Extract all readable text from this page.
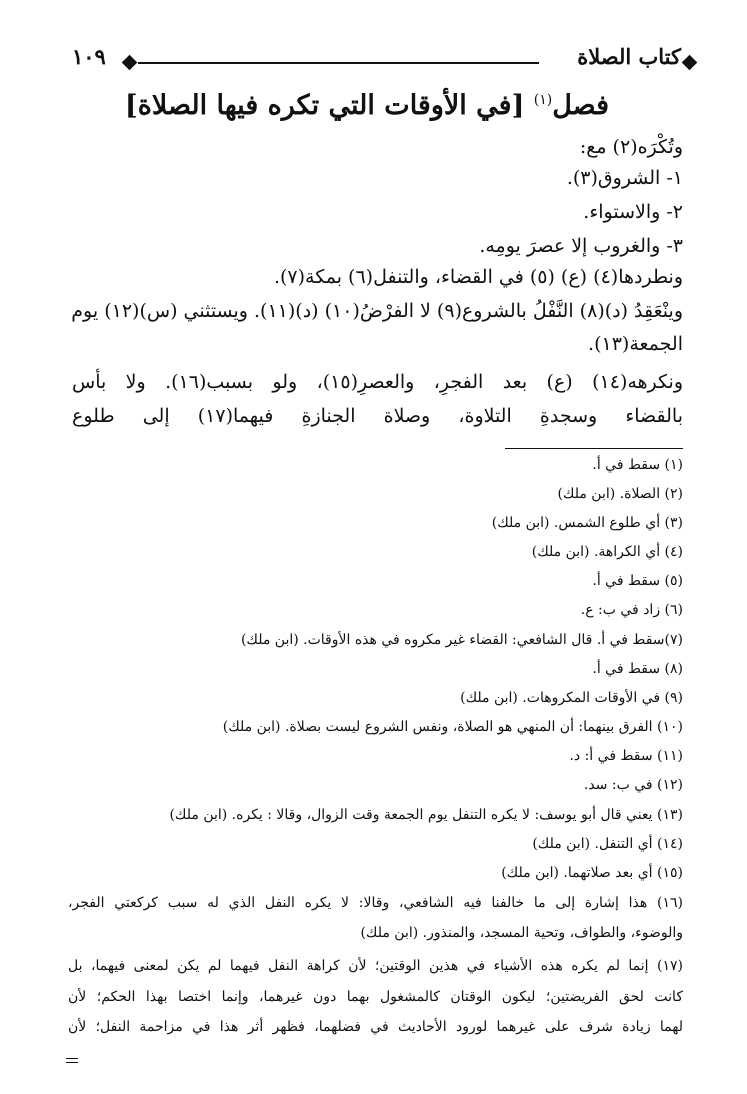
كتاب الصلاة
١٠٩
فصل$^{(١)}$ [في الأوقات التي تكره فيها الصلاة]
وتُكْرَه(٢) مع:
١- الشروق(٣).
٢- والاستواء.
٣- والغروب إلا عصرَ يومِه.
ونطردها(٤) (ع) (٥) في القضاء، والتنفل(٦) بمكة(٧).
وينْعَقِدُ (د)(٨) النَّفْلُ بالشروع(٩) لا الفرْضُ(١٠) (د)(١١). ويستثني (س)(١٢) يوم
الجمعة(١٣).
ونكرهه(١٤) (ع) بعد الفجرِ، والعصرِ(١٥)، ولو بسبب(١٦). ولا بأس
بالقضاء وسجدةِ التلاوة، وصلاة الجنازةِ فيهما(١٧) إلى طلوع
(١) سقط في أ.
(٢) الصلاة. (ابن ملك)
(٣) أي طلوع الشمس. (ابن ملك)
(٤) أي الكراهة. (ابن ملك)
(٥) سقط في أ.
(٦) زاد في ب: ع.
(٧)سقط في أ. قال الشافعي: القضاء غير مكروه في هذه الأوقات. (ابن ملك)
(٨) سقط في أ.
(٩) في الأوقات المكروهات. (ابن ملك)
(١٠) الفرق بينهما: أن المنهي هو الصلاة، ونفس الشروع ليست بصلاة. (ابن ملك)
(١١) سقط في أ: د.
(١٢) في ب: سد.
(١٣) يعني قال أبو يوسف: لا يكره التنفل يوم الجمعة وقت الزوال، وقالا : يكره. (ابن ملك)
(١٤) أي التنفل. (ابن ملك)
(١٥) أي بعد صلاتهما. (ابن ملك)
(١٦) هذا إشارة إلى ما خالفنا فيه الشافعي، وقالا: لا يكره النفل الذي له سبب كركعتي الفجر،
والوضوء، والطواف، وتحية المسجد، والمنذور. (ابن ملك)
(١٧) إنما لم يكره هذه الأشياء في هذين الوقتين؛ لأن كراهة النفل فيهما لم يكن لمعنى فيهما، بل
كانت لحق الفريضتين؛ ليكون الوقتان كالمشغول بهما دون غيرهما، وإنما اختصا بهذا الحكم؛ لأن
لهما زيادة شرف على غيرهما لورود الأحاديث في فضلهما، فظهر أثر هذا في مزاحمة النفل؛ لأن
